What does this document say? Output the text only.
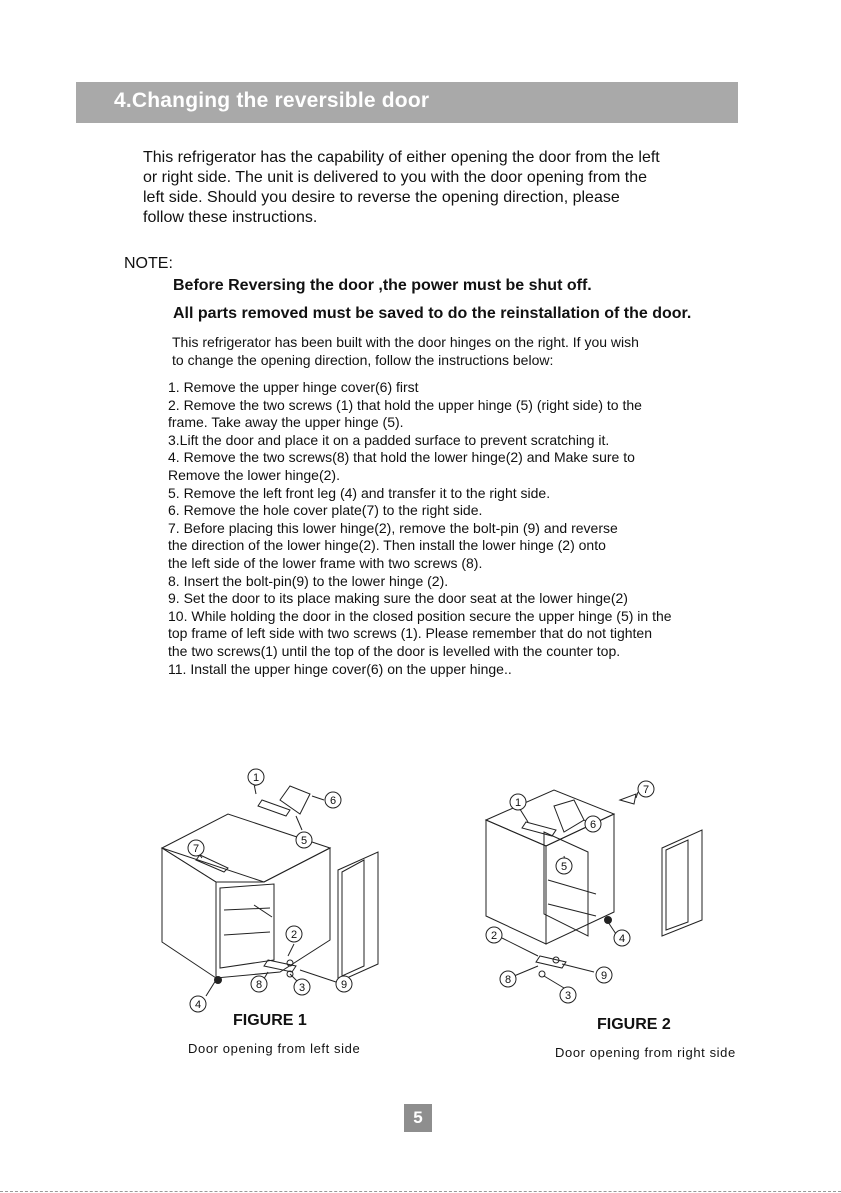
4.Changing the reversible door
This refrigerator has the capability of either opening the door from the left
or right side. The unit is delivered to you with the door opening from the
left side. Should you desire to reverse the opening direction, please
follow these instructions.
NOTE:
Before Reversing the door ,the power must be shut off.
All parts removed must be saved to do the reinstallation of the door.
This refrigerator has been built with the door hinges on the right. If you wish
to change the opening direction, follow the instructions below:
1. Remove the upper hinge cover(6) first
2. Remove the two screws (1) that hold the upper hinge (5) (right side) to the
frame. Take away the upper hinge (5).
3.Lift the door and place it on a padded surface to prevent scratching it.
4. Remove the two screws(8) that hold the lower hinge(2) and Make sure to
Remove the lower hinge(2).
5. Remove the left front leg (4) and transfer it to the right side.
6. Remove the hole cover plate(7) to the right side.
7. Before placing this lower hinge(2), remove the bolt-pin (9) and reverse
the direction of the lower hinge(2). Then install the lower hinge (2) onto
the left side of the lower frame with two screws (8).
8. Insert the bolt-pin(9) to the lower hinge (2).
9. Set the door to its place making sure the door seat at the lower hinge(2)
10. While holding the door in the closed position secure the upper hinge (5) in the
top frame of left side with two screws (1). Please remember that do not tighten
the two screws(1) until the top of the door is levelled with the counter top.
11. Install the upper hinge cover(6) on the upper hinge..
1
6
5
7
2
8	3	9
4
FIGURE 1
Door opening from left side
7
1
6
5
4
2
9
8
3
FIGURE 2
Door opening from right side
5
